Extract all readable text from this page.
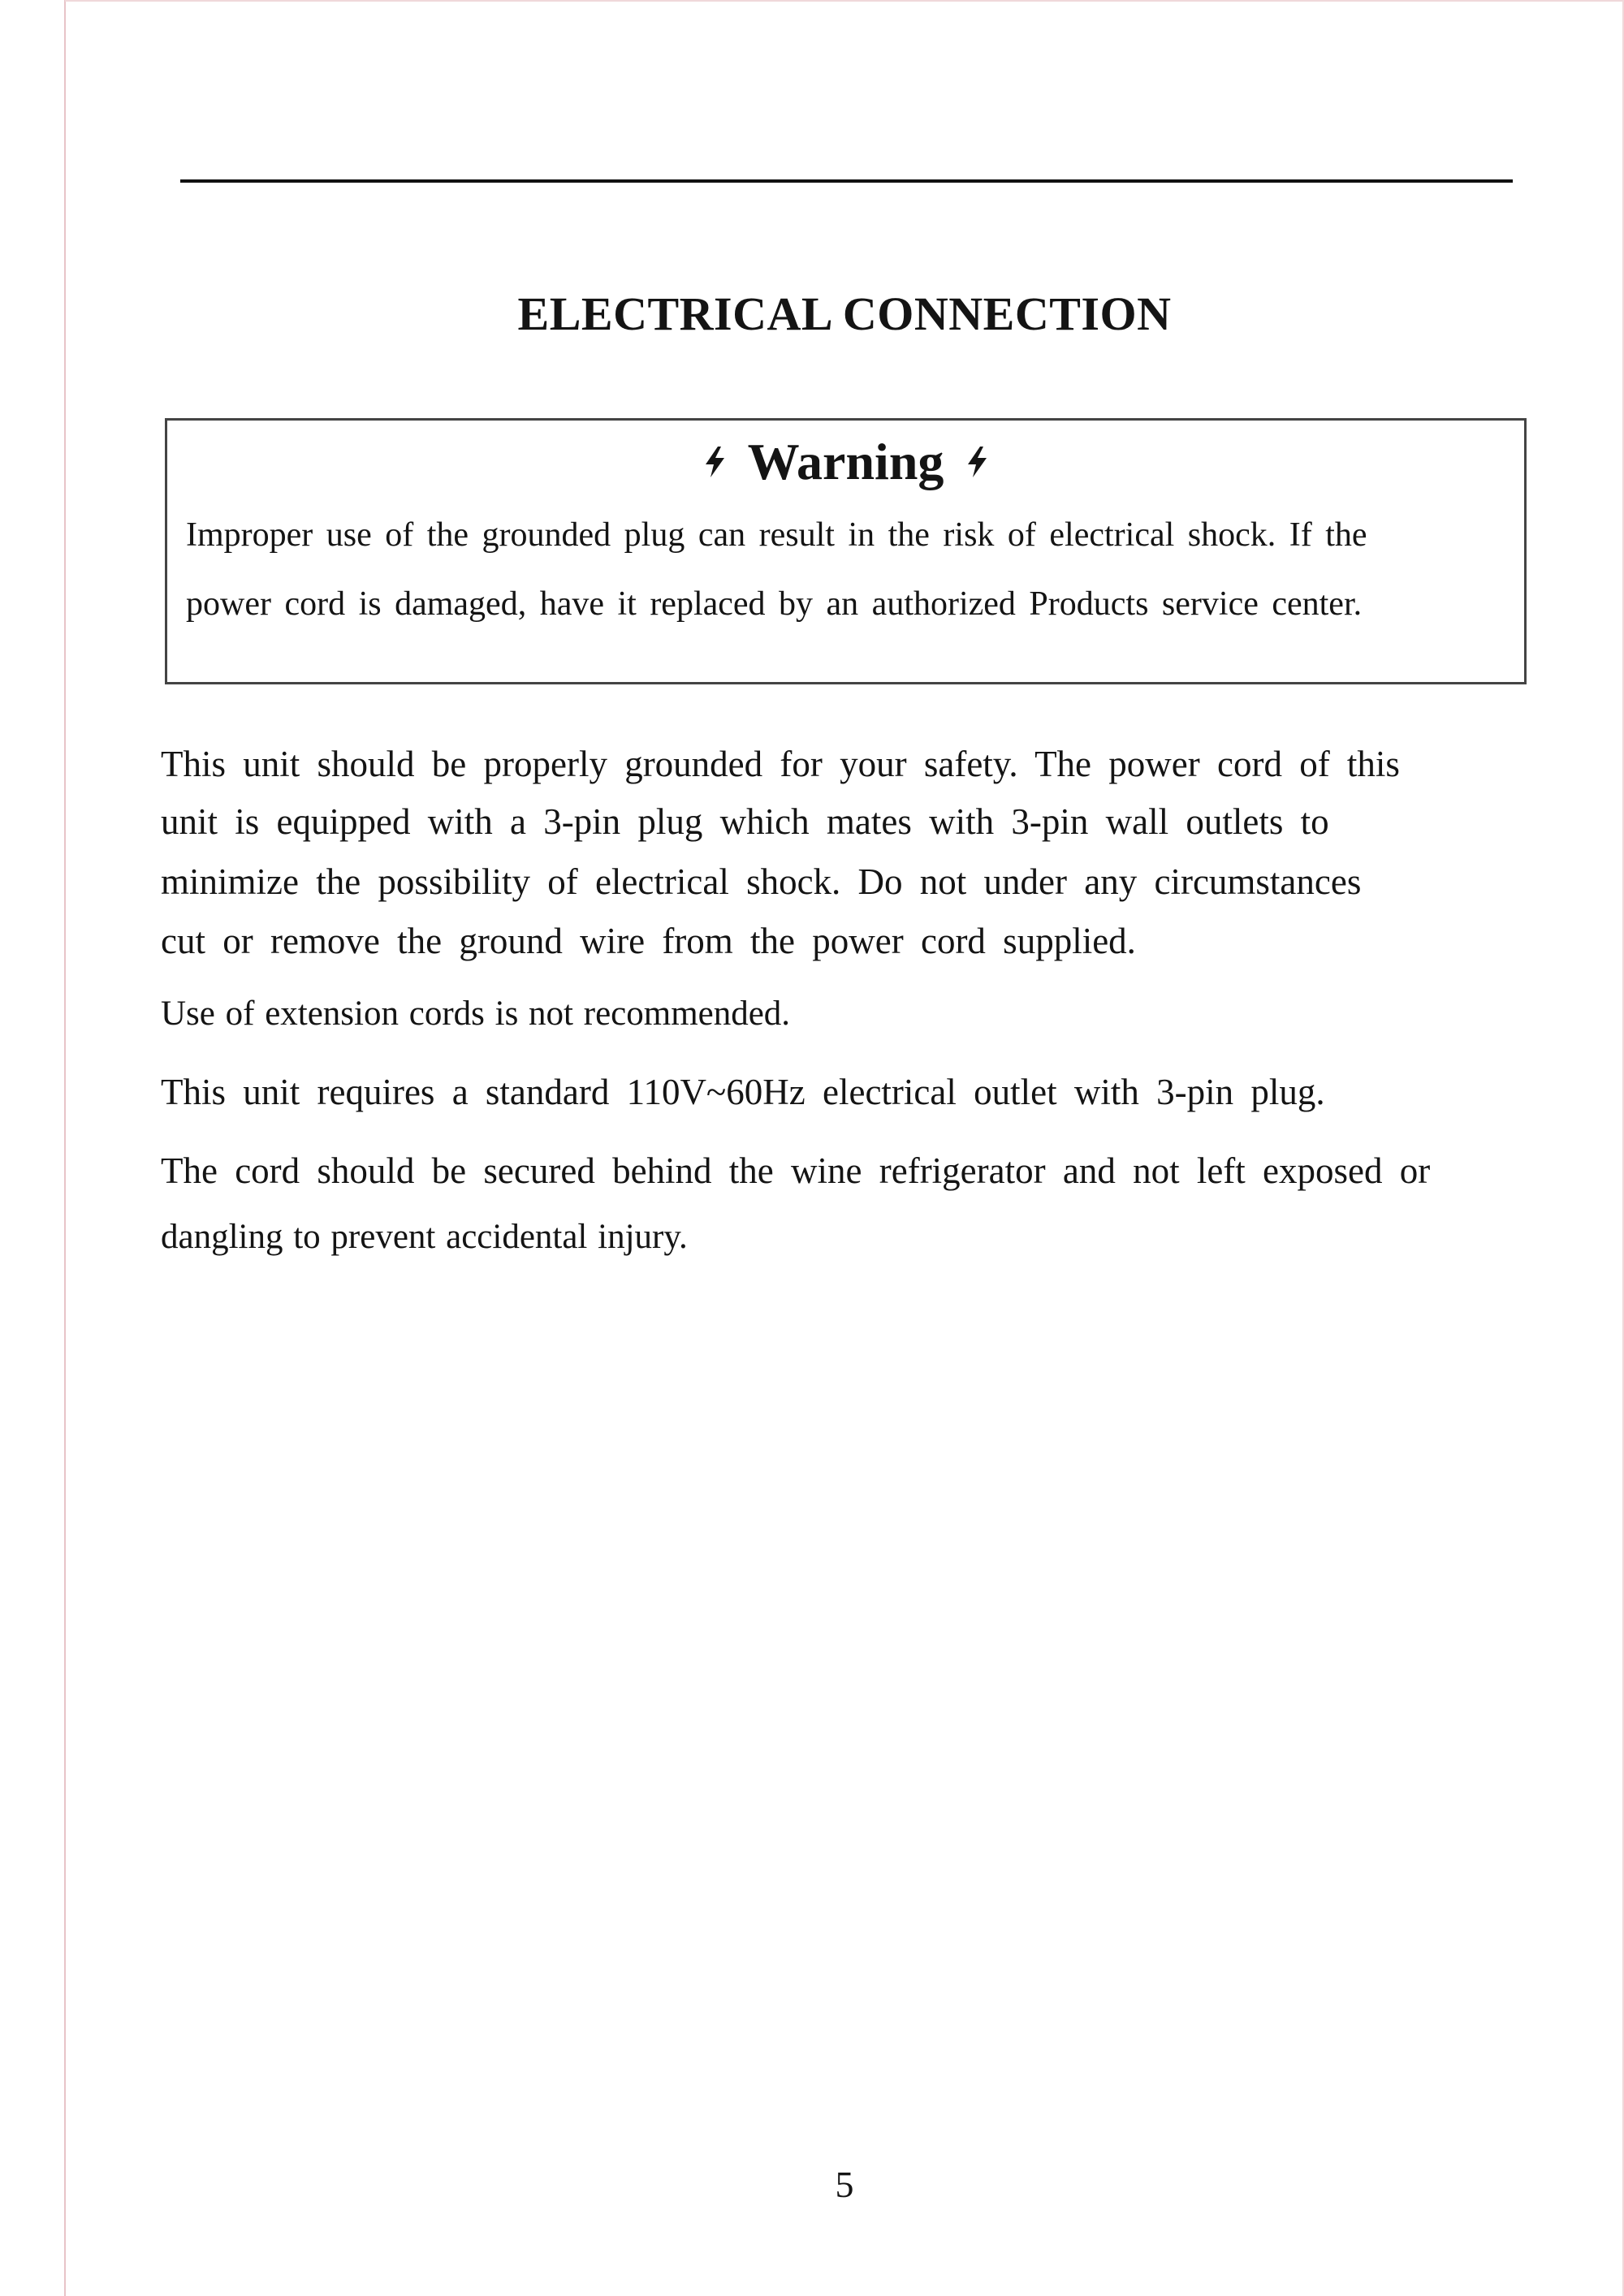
ELECTRICAL CONNECTION
Warning
Improper use of the grounded plug can result in the risk of electrical shock. If the
power cord is damaged, have it replaced by an authorized Products service center.
This unit should be properly grounded for your safety. The power cord of this
unit is equipped with a 3-pin plug which mates with 3-pin wall outlets to
minimize the possibility of electrical shock. Do not under any circumstances
cut or remove the ground wire from the power cord supplied.
Use of extension cords is not recommended.
This unit requires a standard 110V~60Hz electrical outlet with 3-pin plug.
The cord should be secured behind the wine refrigerator and not left exposed or
dangling to prevent accidental injury.
5
